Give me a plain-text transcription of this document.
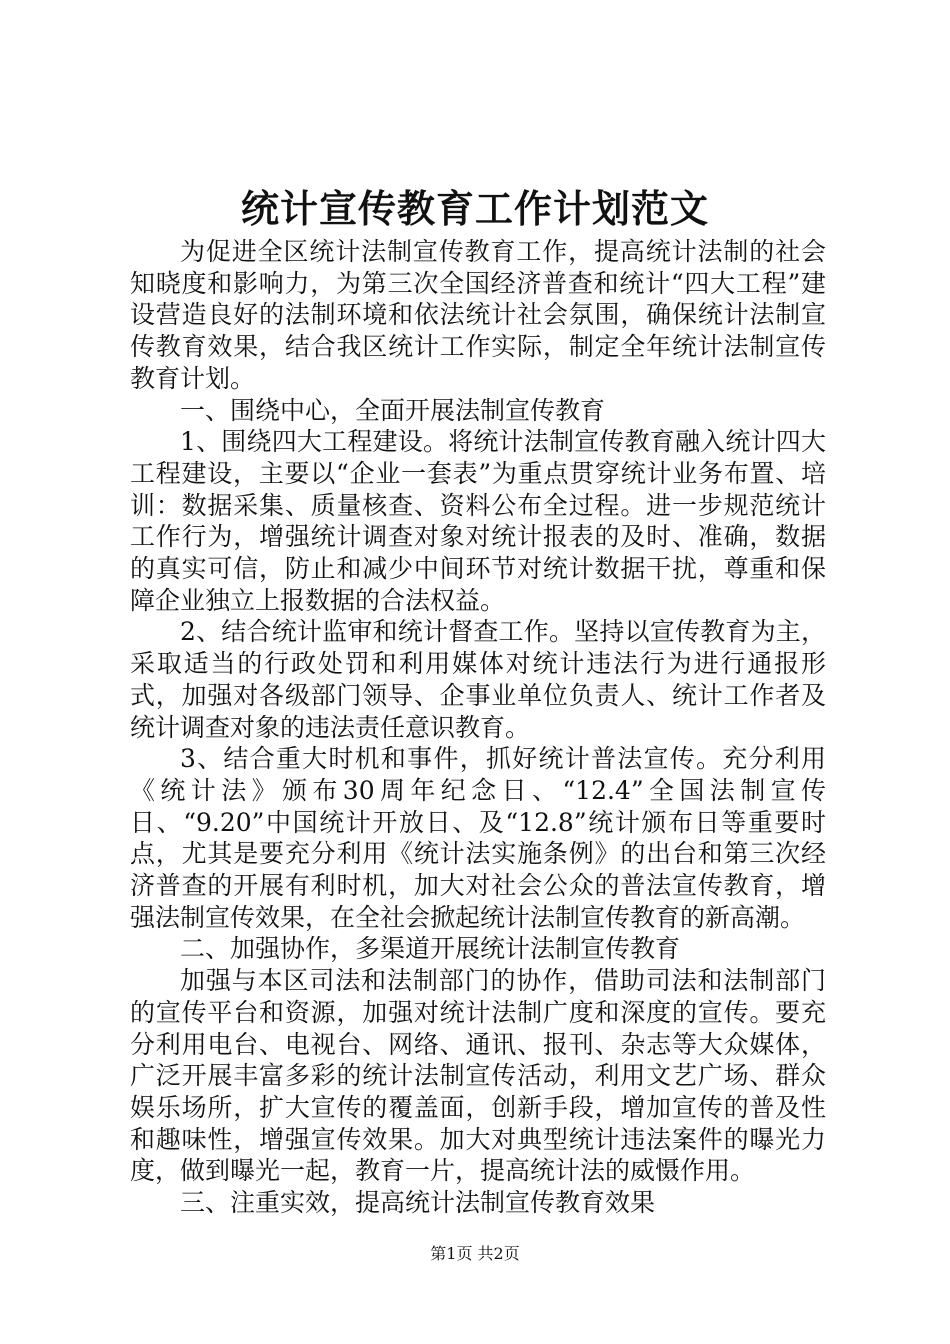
统计宣传教育工作计划范文

为促进全区统计法制宣传教育工作，提高统计法制的社会知晓度和影响力，为第三次全国经济普查和统计“四大工程”建设营造良好的法制环境和依法统计社会氛围，确保统计法制宣传教育效果，结合我区统计工作实际，制定全年统计法制宣传教育计划。

一、围绕中心，全面开展法制宣传教育

1、围绕四大工程建设。将统计法制宣传教育融入统计四大工程建设，主要以“企业一套表”为重点贯穿统计业务布置、培训：数据采集、质量核查、资料公布全过程。进一步规范统计工作行为，增强统计调查对象对统计报表的及时、准确，数据的真实可信，防止和减少中间环节对统计数据干扰，尊重和保障企业独立上报数据的合法权益。

2、结合统计监审和统计督查工作。坚持以宣传教育为主，采取适当的行政处罚和利用媒体对统计违法行为进行通报形式，加强对各级部门领导、企事业单位负责人、统计工作者及统计调查对象的违法责任意识教育。

3、结合重大时机和事件，抓好统计普法宣传。充分利用《统计法》颁布30周年纪念日、“12.4”全国法制宣传日、“9.20”中国统计开放日、及“12.8”统计颁布日等重要时点，尤其是要充分利用《统计法实施条例》的出台和第三次经济普查的开展有利时机，加大对社会公众的普法宣传教育，增强法制宣传效果，在全社会掀起统计法制宣传教育的新高潮。

二、加强协作，多渠道开展统计法制宣传教育

加强与本区司法和法制部门的协作，借助司法和法制部门的宣传平台和资源，加强对统计法制广度和深度的宣传。要充分利用电台、电视台、网络、通讯、报刊、杂志等大众媒体，广泛开展丰富多彩的统计法制宣传活动，利用文艺广场、群众娱乐场所，扩大宣传的覆盖面，创新手段，增加宣传的普及性和趣味性，增强宣传效果。加大对典型统计违法案件的曝光力度，做到曝光一起，教育一片，提高统计法的威慑作用。

三、注重实效，提高统计法制宣传教育效果

第1页 共2页
